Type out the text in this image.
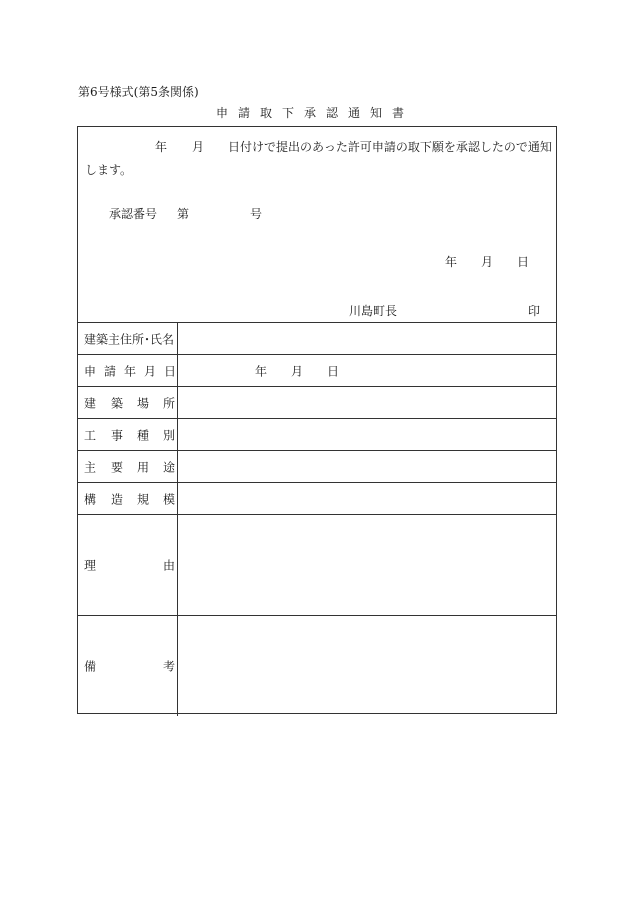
第6号様式(第5条関係)
申請取下承認通知書
年 月 日付けで提出のあった許可申請の取下願を承認したので通知
します。
承認番号 第	号
年 月 日
川島町長	印
建築主住所･氏名
申 請 年 月 日	年 月 日
建 築 場 所
工 事 種 別
主 要 用 途
構 造 規 模
理	由
備	考
